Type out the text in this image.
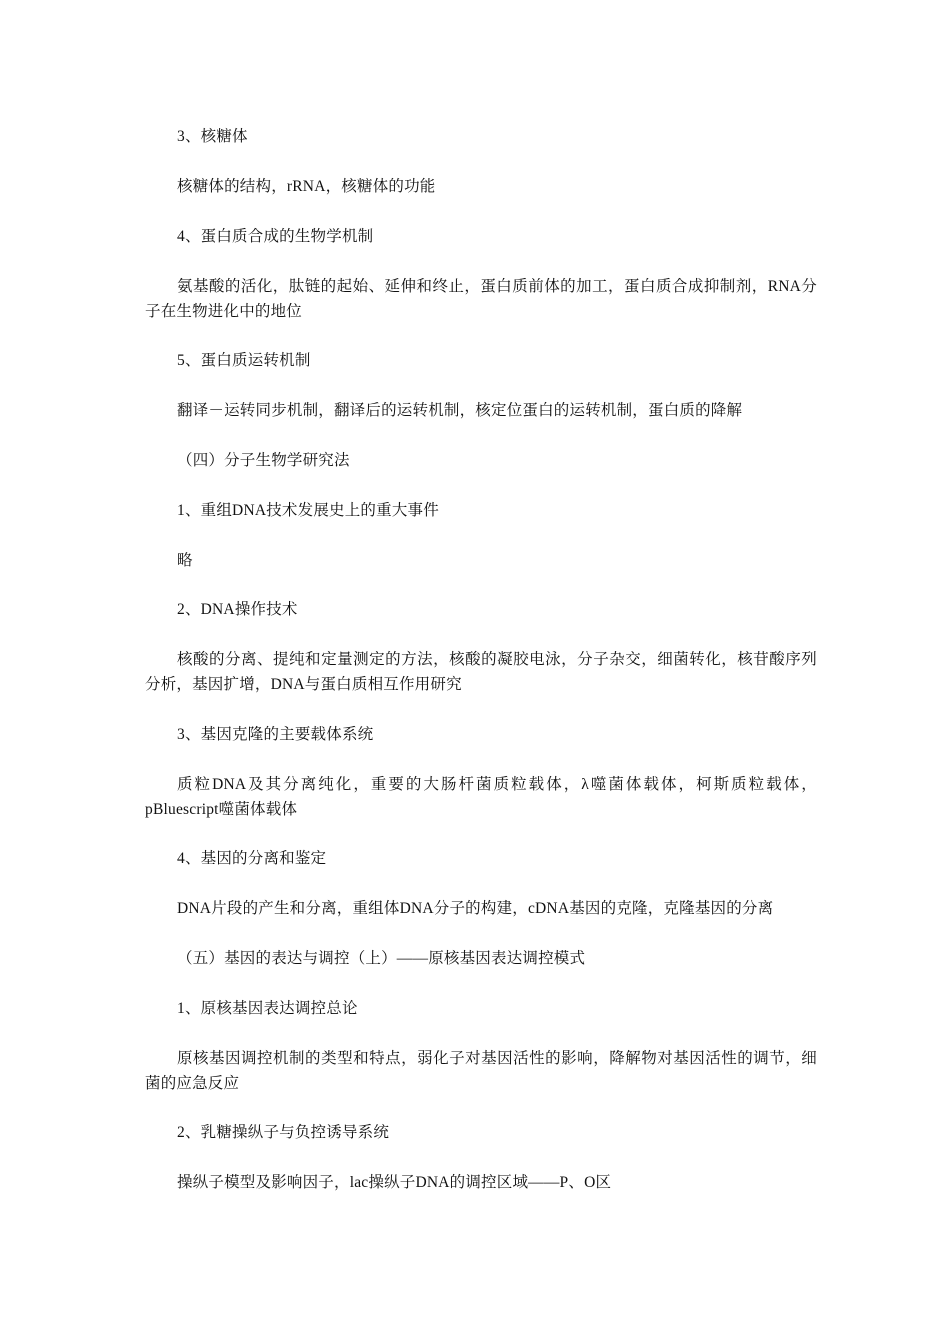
3、核糖体

核糖体的结构，rRNA，核糖体的功能

4、蛋白质合成的生物学机制

氨基酸的活化，肽链的起始、延伸和终止，蛋白质前体的加工，蛋白质合成抑制剂，RNA分子在生物进化中的地位

5、蛋白质运转机制

翻译－运转同步机制，翻译后的运转机制，核定位蛋白的运转机制，蛋白质的降解

（四）分子生物学研究法

1、重组DNA技术发展史上的重大事件

略

2、DNA操作技术

核酸的分离、提纯和定量测定的方法，核酸的凝胶电泳，分子杂交，细菌转化，核苷酸序列分析，基因扩增，DNA与蛋白质相互作用研究

3、基因克隆的主要载体系统

质粒DNA及其分离纯化，重要的大肠杆菌质粒载体，λ噬菌体载体，柯斯质粒载体，pBluescript噬菌体载体

4、基因的分离和鉴定

DNA片段的产生和分离，重组体DNA分子的构建，cDNA基因的克隆，克隆基因的分离

（五）基因的表达与调控（上）——原核基因表达调控模式

1、原核基因表达调控总论

原核基因调控机制的类型和特点，弱化子对基因活性的影响，降解物对基因活性的调节，细菌的应急反应

2、乳糖操纵子与负控诱导系统

操纵子模型及影响因子，lac操纵子DNA的调控区域——P、O区
